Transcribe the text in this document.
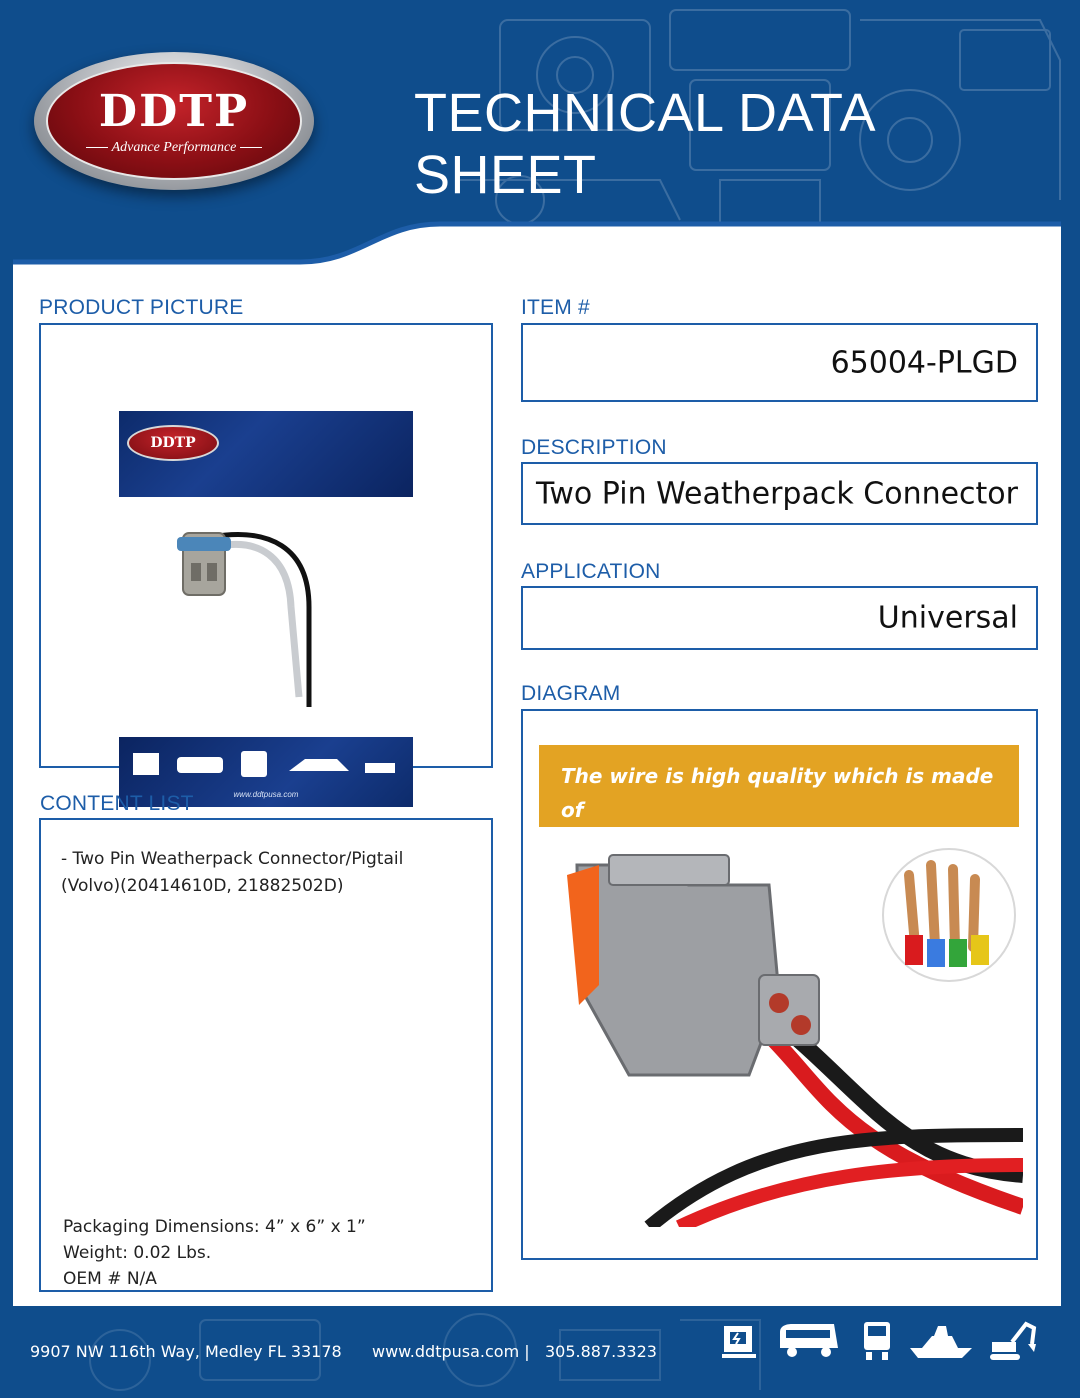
DDTP
Advance Performance
TECHNICAL DATA SHEET
PRODUCT PICTURE
DDTP
www.ddtpusa.com
ITEM #
65004-PLGD
DESCRIPTION
Two Pin Weatherpack Connector
APPLICATION
Universal
DIAGRAM
The wire is high quality which is made of

CONTENT LIST
- Two Pin Weatherpack Connector/Pigtail
(Volvo)(20414610D, 21882502D)
Packaging Dimensions: 4” x 6” x 1”
Weight: 0.02 Lbs.
OEM # N/A
9907 NW 116th Way, Medley FL 33178 www.ddtpusa.com | 305.887.3323
